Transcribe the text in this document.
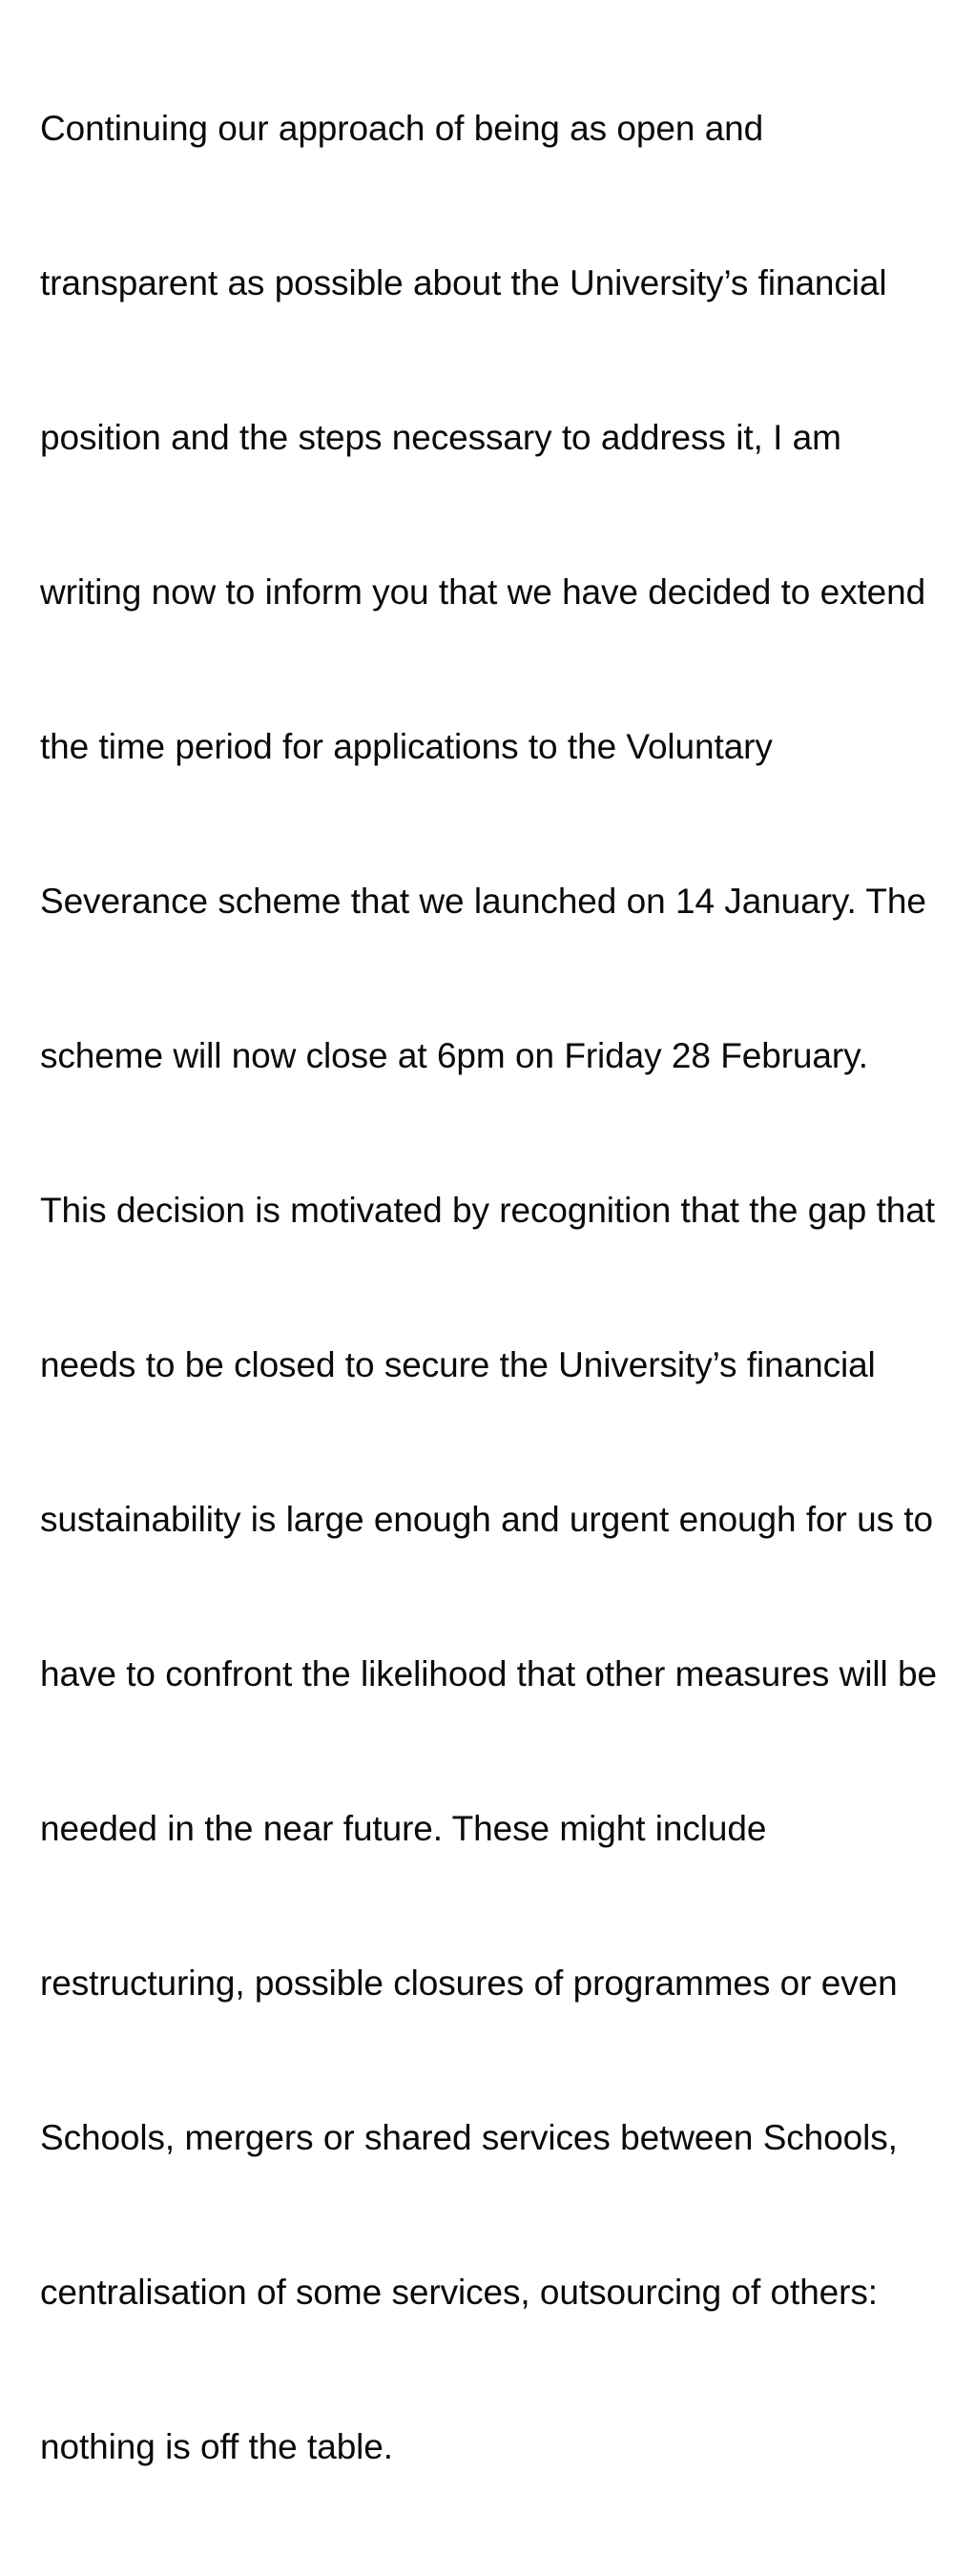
Continuing our approach of being as open and

transparent as possible about the University’s financial

position and the steps necessary to address it, I am

writing now to inform you that we have decided to extend

the time period for applications to the Voluntary

Severance scheme that we launched on 14 January. The

scheme will now close at 6pm on Friday 28 February.

This decision is motivated by recognition that the gap that

needs to be closed to secure the University’s financial

sustainability is large enough and urgent enough for us to

have to confront the likelihood that other measures will be

needed in the near future. These might include

restructuring, possible closures of programmes or even

Schools, mergers or shared services between Schools,

centralisation of some services, outsourcing of others:

nothing is off the table.
